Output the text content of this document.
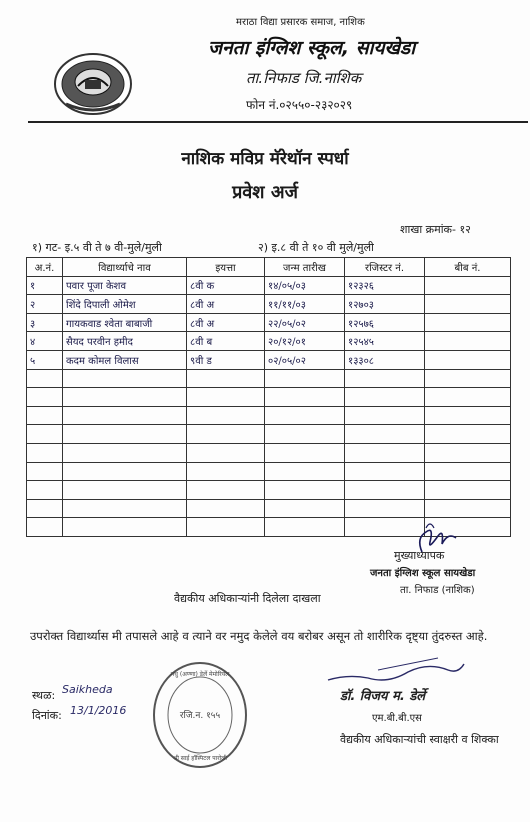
मराठा विद्या प्रसारक समाज, नाशिक
जनता इंग्लिश स्कूल, सायखेडा
ता.निफाड जि.नाशिक
फोन नं.०२५५०-२३२०२९
नाशिक मविप्र मॅरेथॉन स्पर्धा
प्रवेश अर्ज
शाखा क्रमांक- १२
१) गट- इ.५ वी ते ७ वी-मुले/मुली	२) इ.८ वी ते १० वी मुले/मुली
अ.नं.	विद्यार्थ्याचे नाव	इयत्ता	जन्म तारीख	रजिस्टर नं.	बीब नं.
१	पवार पूजा केशव	८वी क	१४/०५/०३	१२३२६	
२	शिंदे दिपाली ओमेश	८वी अ	११/११/०३	१२७०३	
३	गायकवाड श्वेता बाबाजी	८वी अ	२२/०५/०२	१२५७६	
४	सैयद परवीन हमीद	८वी ब	२०/१२/०१	१२५४५	
५	कदम कोमल विलास	९वी ड	०२/०५/०२	१३३०८	

मुख्याध्यापक
जनता इंग्लिश स्कूल सायखेडा
ता. निफाड (नाशिक)
वैद्यकीय अधिकाऱ्यांनी दिलेला दाखला
उपरोक्त विद्यार्थ्यास मी तपासले आहे व त्याने वर नमुद केलेले वय बरोबर असून तो शारीरिक दृष्ट्या तुंदरुस्त आहे.
स्थळ: Saikheda
दिनांक: 13/1/2016	रजि.न. १५५
मधु (अण्णा) डेर्ले मेमोरियल
श्री साई हॉस्पिटल पारोली
डॉ. विजय म. डेर्ले
एम.बी.बी.एस
वैद्यकीय अधिकाऱ्यांची स्वाक्षरी व शिक्का
